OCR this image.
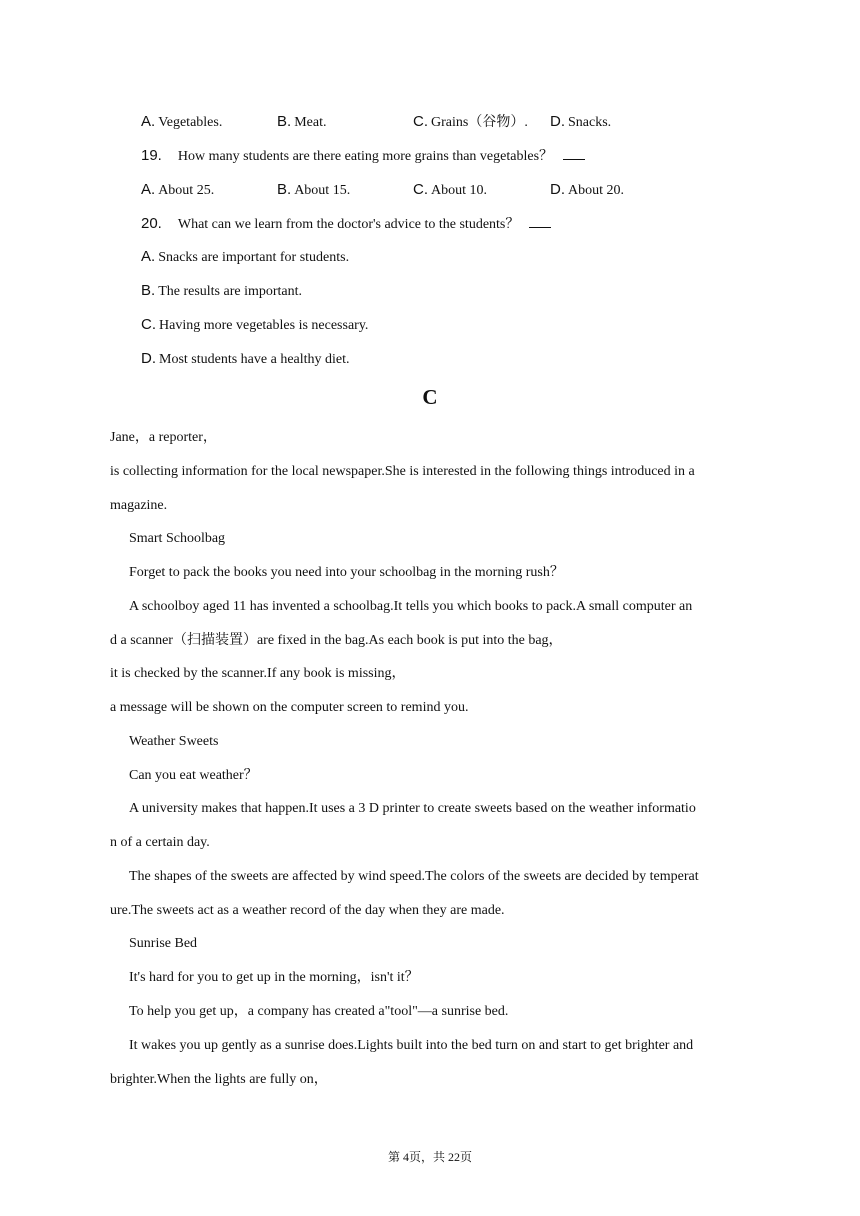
A. Vegetables.	B. Meat.	C. Grains（谷物）. D. Snacks.
19. How many students are there eating more grains than vegetables？
A. About 25.	B. About 15.	C. About 10.	D. About 20.
20. What can we learn from the doctor's advice to the students？
A. Snacks are important for students.
B. The results are important.
C. Having more vegetables is necessary.
D. Most students have a healthy diet.
C
Jane，a reporter，
is collecting information for the local newspaper.She is interested in the following things introduced in a
magazine.
Smart Schoolbag
Forget to pack the books you need into your schoolbag in the morning rush？
A schoolboy aged 11 has invented a schoolbag.It tells you which books to pack.A small computer an
d a scanner（扫描装置）are fixed in the bag.As each book is put into the bag，
it is checked by the scanner.If any book is missing，
a message will be shown on the computer screen to remind you.
Weather Sweets
Can you eat weather？
A university makes that happen.It uses a 3 D printer to create sweets based on the weather informatio
n of a certain day.
The shapes of the sweets are affected by wind speed.The colors of the sweets are decided by temperat
ure.The sweets act as a weather record of the day when they are made.
Sunrise Bed
It's hard for you to get up in the morning，isn't it？
To help you get up，a company has created a"tool"—a sunrise bed.
It wakes you up gently as a sunrise does.Lights built into the bed turn on and start to get brighter and
brighter.When the lights are fully on，
第 4页，共 22页
